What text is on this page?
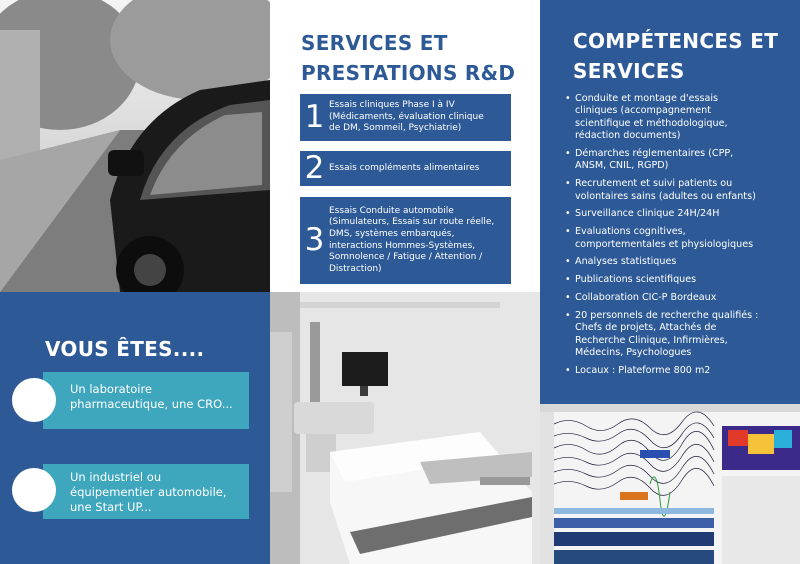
SERVICES ET
PRESTATIONS R&D
1 Essais cliniques Phase I à IV
(Médicaments, évaluation clinique
de DM, Sommeil, Psychiatrie)
2 Essais compléments alimentaires
3
Essais Conduite automobile
(Simulateurs, Essais sur route réelle,
DMS, systèmes embarqués,
interactions Hommes-Systèmes,
Somnolence / Fatigue / Attention /
Distraction)
COMPÉTENCES ET
SERVICES
• Conduite et montage d'essais
cliniques (accompagnement
scientifique et méthodologique,
rédaction documents)
• Démarches réglementaires (CPP,
ANSM, CNIL, RGPD)
• Recrutement et suivi patients ou
volontaires sains (adultes ou enfants)
• Surveillance clinique 24H/24H
• Evaluations cognitives,
comportementales et physiologiques
• Analyses statistiques
• Publications scientifiques
• Collaboration CIC-P Bordeaux
• 20 personnels de recherche qualifiés :
Chefs de projets, Attachés de
Recherche Clinique, Infirmières,
Médecins, Psychologues
• Locaux : Plateforme 800 m2
VOUS ÊTES....
Un laboratoire
pharmaceutique, une CRO...
Un industriel ou
équipementier automobile,
une Start UP...
